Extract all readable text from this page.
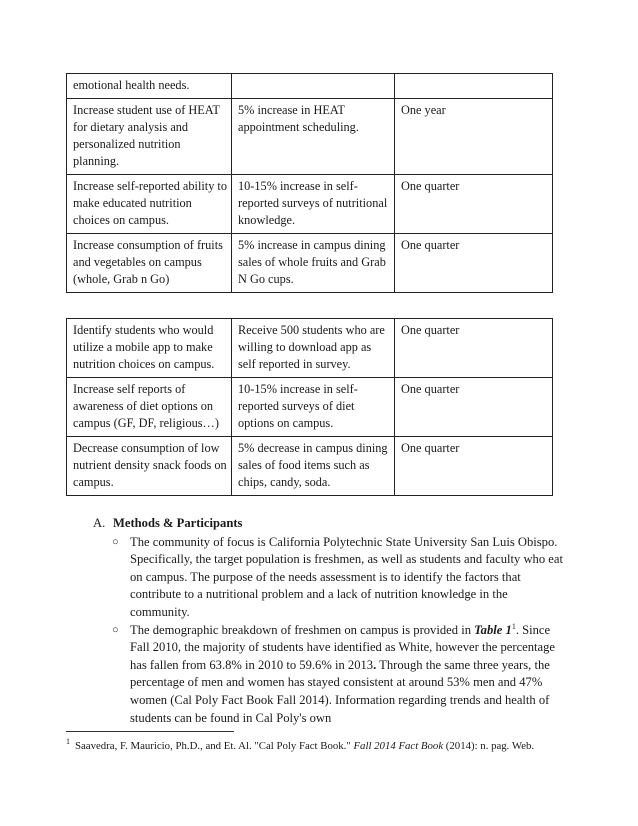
emotional health needs.		
Increase student use of HEAT for dietary analysis and personalized nutrition planning.	5% increase in HEAT appointment scheduling.	One year
Increase self-reported ability to make educated nutrition choices on campus.	10-15% increase in self-reported surveys of nutritional knowledge.	One quarter
Increase consumption of fruits and vegetables on campus (whole, Grab n Go)	5% increase in campus dining sales of whole fruits and Grab N Go cups.	One quarter
Identify students who would utilize a mobile app to make nutrition choices on campus.	Receive 500 students who are willing to download app as self reported in survey.	One quarter
Increase self reports of awareness of diet options on campus (GF, DF, religious…)	10-15% increase in self-reported surveys of diet options on campus.	One quarter
Decrease consumption of low nutrient density snack foods on campus.	5% decrease in campus dining sales of food items such as chips, candy, soda.	One quarter

A. Methods & Participants

○ The community of focus is California Polytechnic State University San Luis Obispo. Specifically, the target population is freshmen, as well as students and faculty who eat on campus. The purpose of the needs assessment is to identify the factors that contribute to a nutritional problem and a lack of nutrition knowledge in the community.
○ The demographic breakdown of freshmen on campus is provided in Table $1^1$. Since Fall 2010, the majority of students have identified as White, however the percentage has fallen from 63.8% in 2010 to 59.6% in 2013. Through the same three years, the percentage of men and women has stayed consistent at around 53% men and 47% women (Cal Poly Fact Book Fall 2014). Information regarding trends and health of students can be found in Cal Poly's own
$^1$ Saavedra, F. Mauricio, Ph.D., and Et. Al. "Cal Poly Fact Book." Fall 2014 Fact Book (2014): n. pag. Web.
